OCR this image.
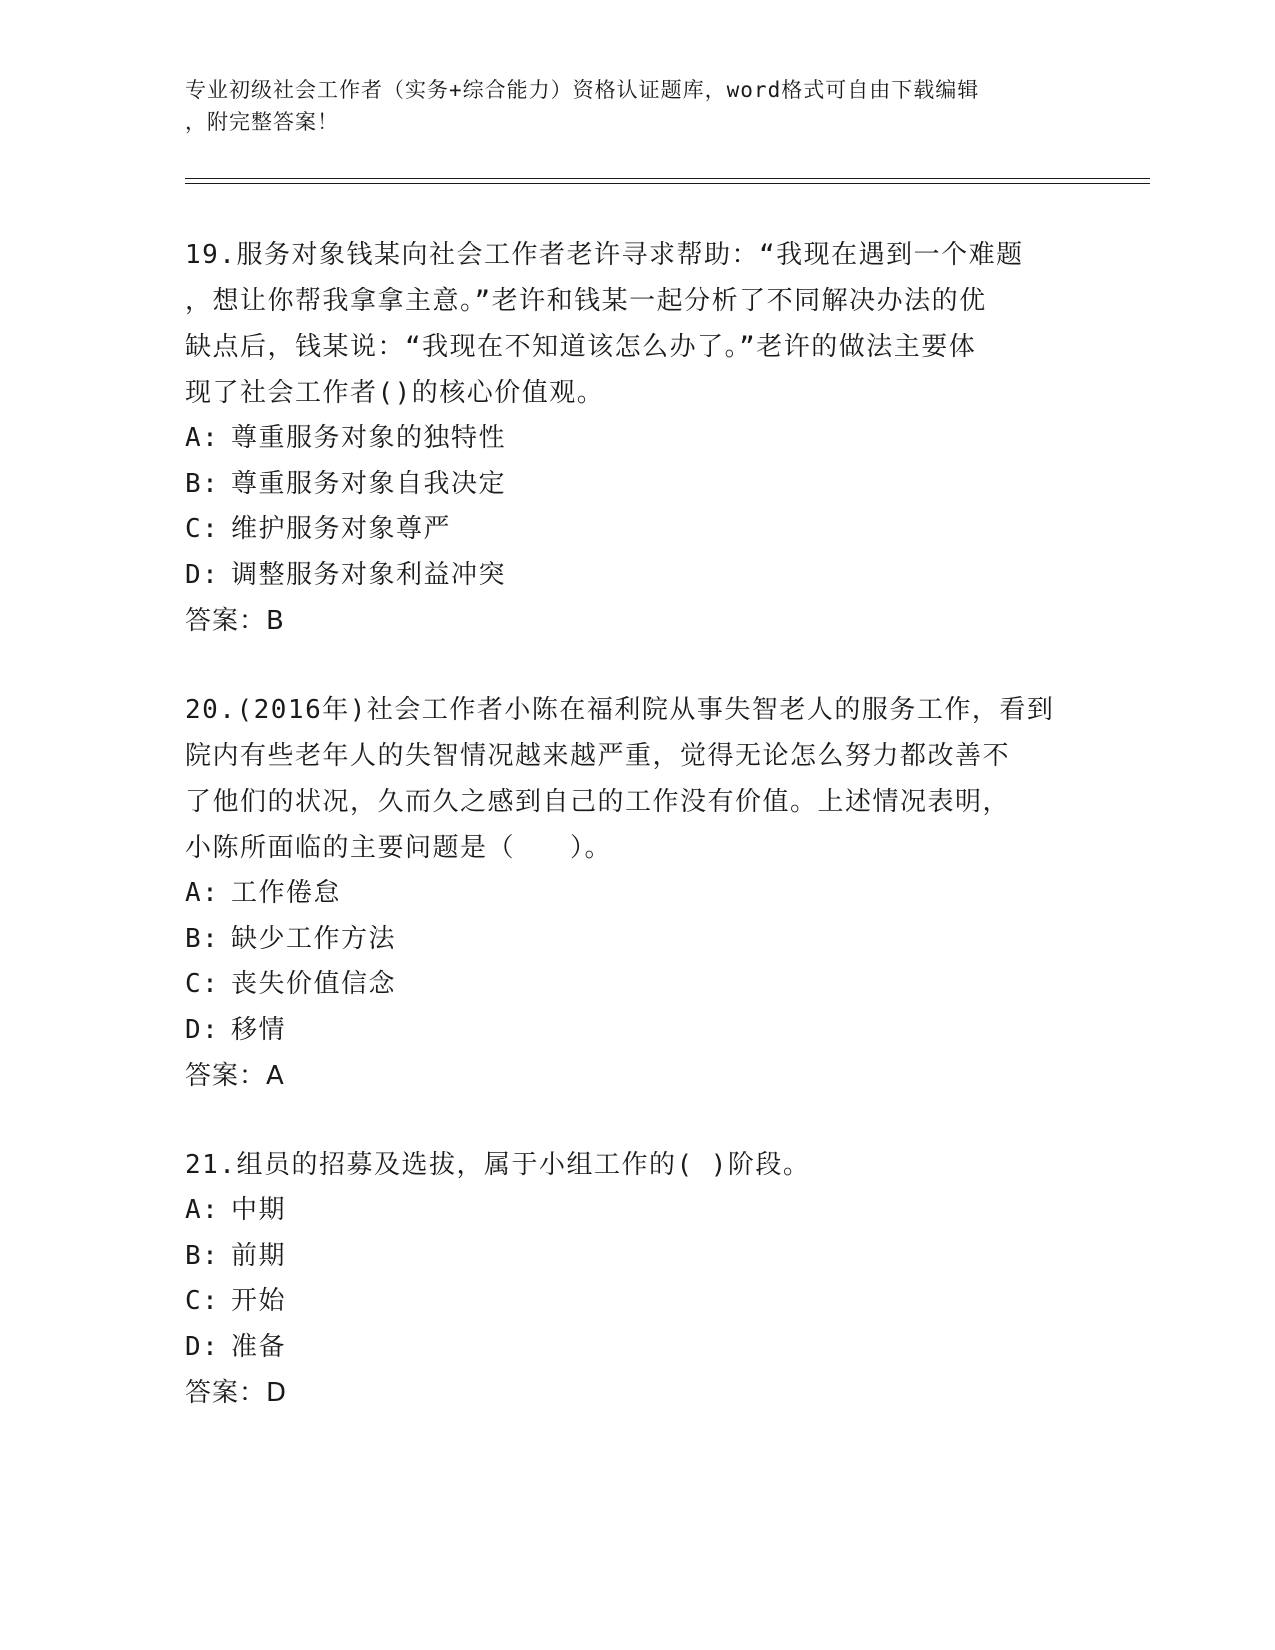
专业初级社会工作者（实务+综合能力）资格认证题库，word格式可自由下载编辑
，附完整答案！
19.服务对象钱某向社会工作者老许寻求帮助：“我现在遇到一个难题
，想让你帮我拿拿主意。”老许和钱某一起分析了不同解决办法的优
缺点后，钱某说：“我现在不知道该怎么办了。”老许的做法主要体
现了社会工作者()的核心价值观。
A: 尊重服务对象的独特性
B: 尊重服务对象自我决定
C: 维护服务对象尊严
D: 调整服务对象利益冲突
答案：B
20.(2016年)社会工作者小陈在福利院从事失智老人的服务工作，看到
院内有些老年人的失智情况越来越严重，觉得无论怎么努力都改善不
了他们的状况，久而久之感到自己的工作没有价值。上述情况表明，
小陈所面临的主要问题是（　　）。
A: 工作倦怠
B: 缺少工作方法
C: 丧失价值信念
D: 移情
答案：A
21.组员的招募及选拔，属于小组工作的( )阶段。
A: 中期
B: 前期
C: 开始
D: 准备
答案：D
